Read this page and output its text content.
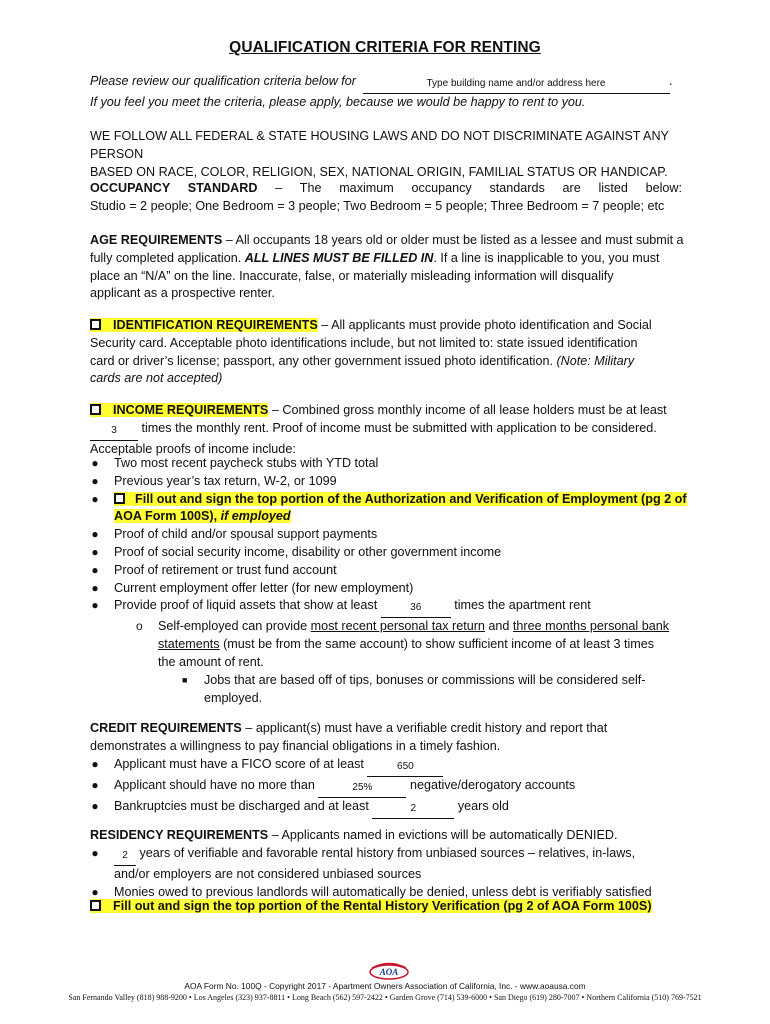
QUALIFICATION CRITERIA FOR RENTING
Please review our qualification criteria below for	Type building name and/or address here	.
If you feel you meet the criteria, please apply, because we would be happy to rent to you.
WE FOLLOW ALL FEDERAL & STATE HOUSING LAWS AND DO NOT DISCRIMINATE AGAINST ANY PERSON
BASED ON RACE, COLOR, RELIGION, SEX, NATIONAL ORIGIN, FAMILIAL STATUS OR HANDICAP.
OCCUPANCY STANDARD – The maximum occupancy standards are listed below:
Studio = 2 people; One Bedroom = 3 people; Two Bedroom = 5 people; Three Bedroom = 7 people; etc
AGE REQUIREMENTS – All occupants 18 years old or older must be listed as a lessee and must submit a
fully completed application. ALL LINES MUST BE FILLED IN. If a line is inapplicable to you, you must
place an “N/A” on the line. Inaccurate, false, or materially misleading information will disqualify
applicant as a prospective renter.
IDENTIFICATION REQUIREMENTS – All applicants must provide photo identification and Social
Security card. Acceptable photo identifications include, but not limited to: state issued identification
card or driver’s license; passport, any other government issued photo identification. (Note: Military
cards are not accepted)
INCOME REQUIREMENTS – Combined gross monthly income of all lease holders must be at least
3 times the monthly rent. Proof of income must be submitted with application to be considered.
Acceptable proofs of income include:
● Two most recent paycheck stubs with YTD total
● Previous year’s tax return, W-2, or 1099
●	Fill out and sign the top portion of the Authorization and Verification of Employment (pg 2 of
AOA Form 100S), if employed
● Proof of child and/or spousal support payments
● Proof of social security income, disability or other government income
● Proof of retirement or trust fund account
● Current employment offer letter (for new employment)
● Provide proof of liquid assets that show at least	36	times the apartment rent
o Self-employed can provide most recent personal tax return and three months personal bank
statements (must be from the same account) to show sufficient income of at least 3 times
the amount of rent.
■ Jobs that are based off of tips, bonuses or commissions will be considered self-
employed.
CREDIT REQUIREMENTS – applicant(s) must have a verifiable credit history and report that
demonstrates a willingness to pay financial obligations in a timely fashion.
● Applicant must have a FICO score of at least	650
● Applicant should have no more than	25%	negative/derogatory accounts
● Bankruptcies must be discharged and at least	2	years old
RESIDENCY REQUIREMENTS – Applicants named in evictions will be automatically DENIED.
● 2 years of verifiable and favorable rental history from unbiased sources – relatives, in-laws,
and/or employers are not considered unbiased sources
● Monies owed to previous landlords will automatically be denied, unless debt is verifiably satisfied
Fill out and sign the top portion of the Rental History Verification (pg 2 of AOA Form 100S)
AOA
AOA Form No. 100Q - Copyright 2017 - Apartment Owners Association of California, Inc. - www.aoausa.com
San Fernando Valley (818) 988-9200 • Los Angeles (323) 937-8811 • Long Beach (562) 597-2422 • Garden Grove (714) 539-6000 • San Diego (619) 280-7007 • Northern California (510) 769-7521
